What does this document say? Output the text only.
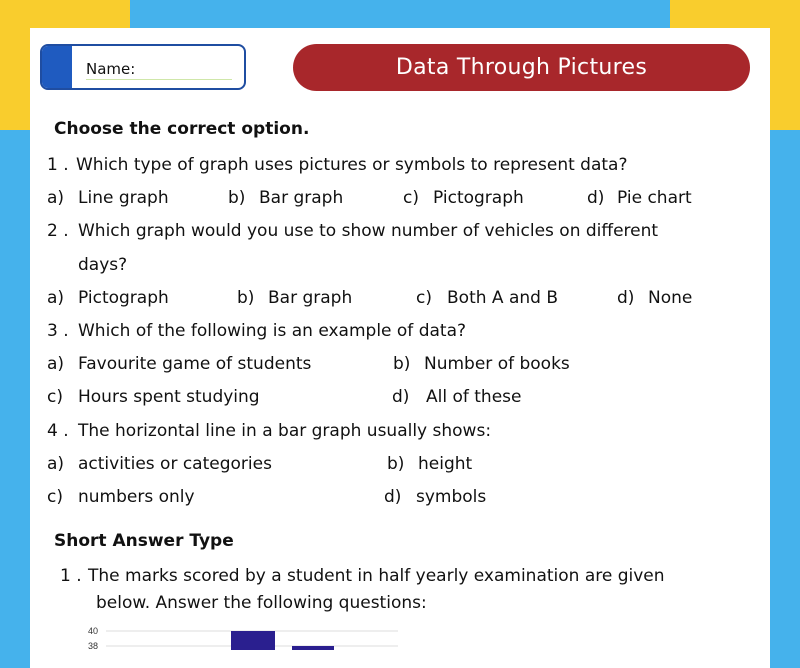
Name:	Data Through Pictures
Choose the correct option.
1 . Which type of graph uses pictures or symbols to represent data?
a) Line graph	b) Bar graph	c) Pictograph	d) Pie chart
2 . Which graph would you use to show number of vehicles on different
days?
a) Pictograph	b) Bar graph	c) Both A and B	d) None
3 . Which of the following is an example of data?
a) Favourite game of students	b) Number of books
c) Hours spent studying	d) All of these
4 . The horizontal line in a bar graph usually shows:
a) activities or categories	b) height
c) numbers only	d) symbols
Short Answer Type
1 . The marks scored by a student in half yearly examination are given
below. Answer the following questions:
40
38
